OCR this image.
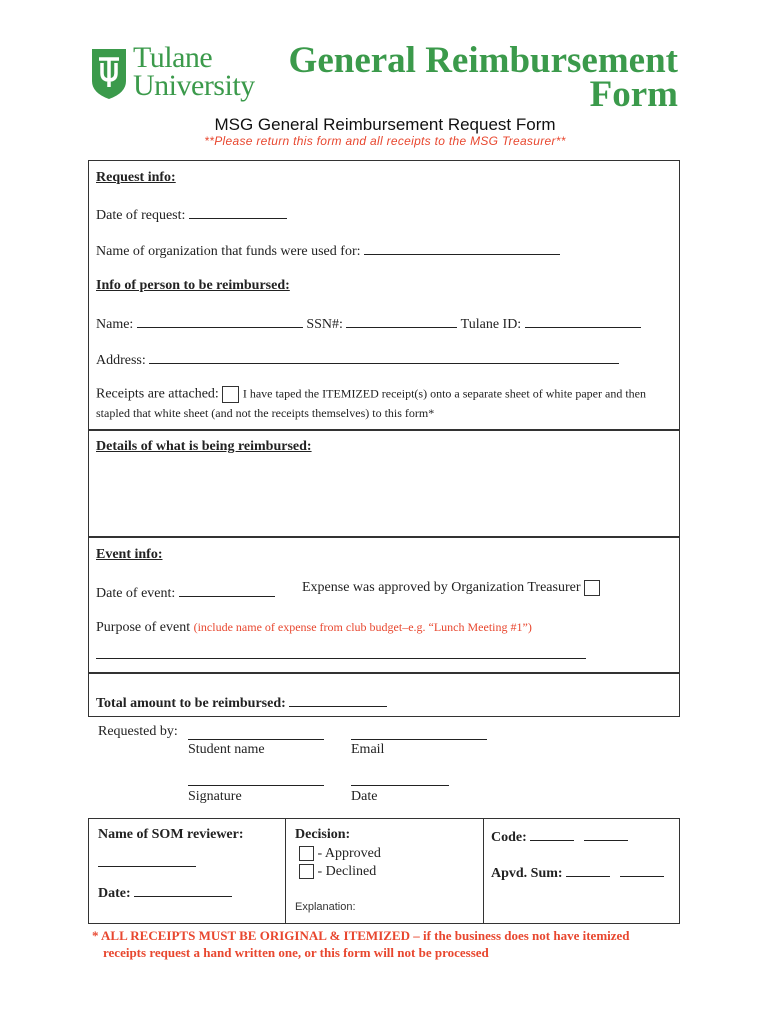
Tulane
University
General Reimbursement
Form
MSG General Reimbursement Request Form
**Please return this form and all receipts to the MSG Treasurer**
Request info:
Date of request:
Name of organization that funds were used for:
Info of person to be reimbursed:
Name:	SSN#:	Tulane ID:
Address:
Receipts are attached: I have taped the ITEMIZED receipt(s) onto a separate sheet of white paper and then
stapled that white sheet (and not the receipts themselves) to this form*
Details of what is being reimbursed:
Event info:
Date of event:	Expense was approved by Organization Treasurer
Purpose of event (include name of expense from club budget–e.g. “Lunch Meeting #1”)
Total amount to be reimbursed:
Requested by:
Student name	Email
Signature	Date
Name of SOM reviewer:
Date:
Decision:
- Approved
- Declined
Explanation:
Code:
Apvd. Sum:
* ALL RECEIPTS MUST BE ORIGINAL & ITEMIZED – if the business does not have itemized
receipts request a hand written one, or this form will not be processed
